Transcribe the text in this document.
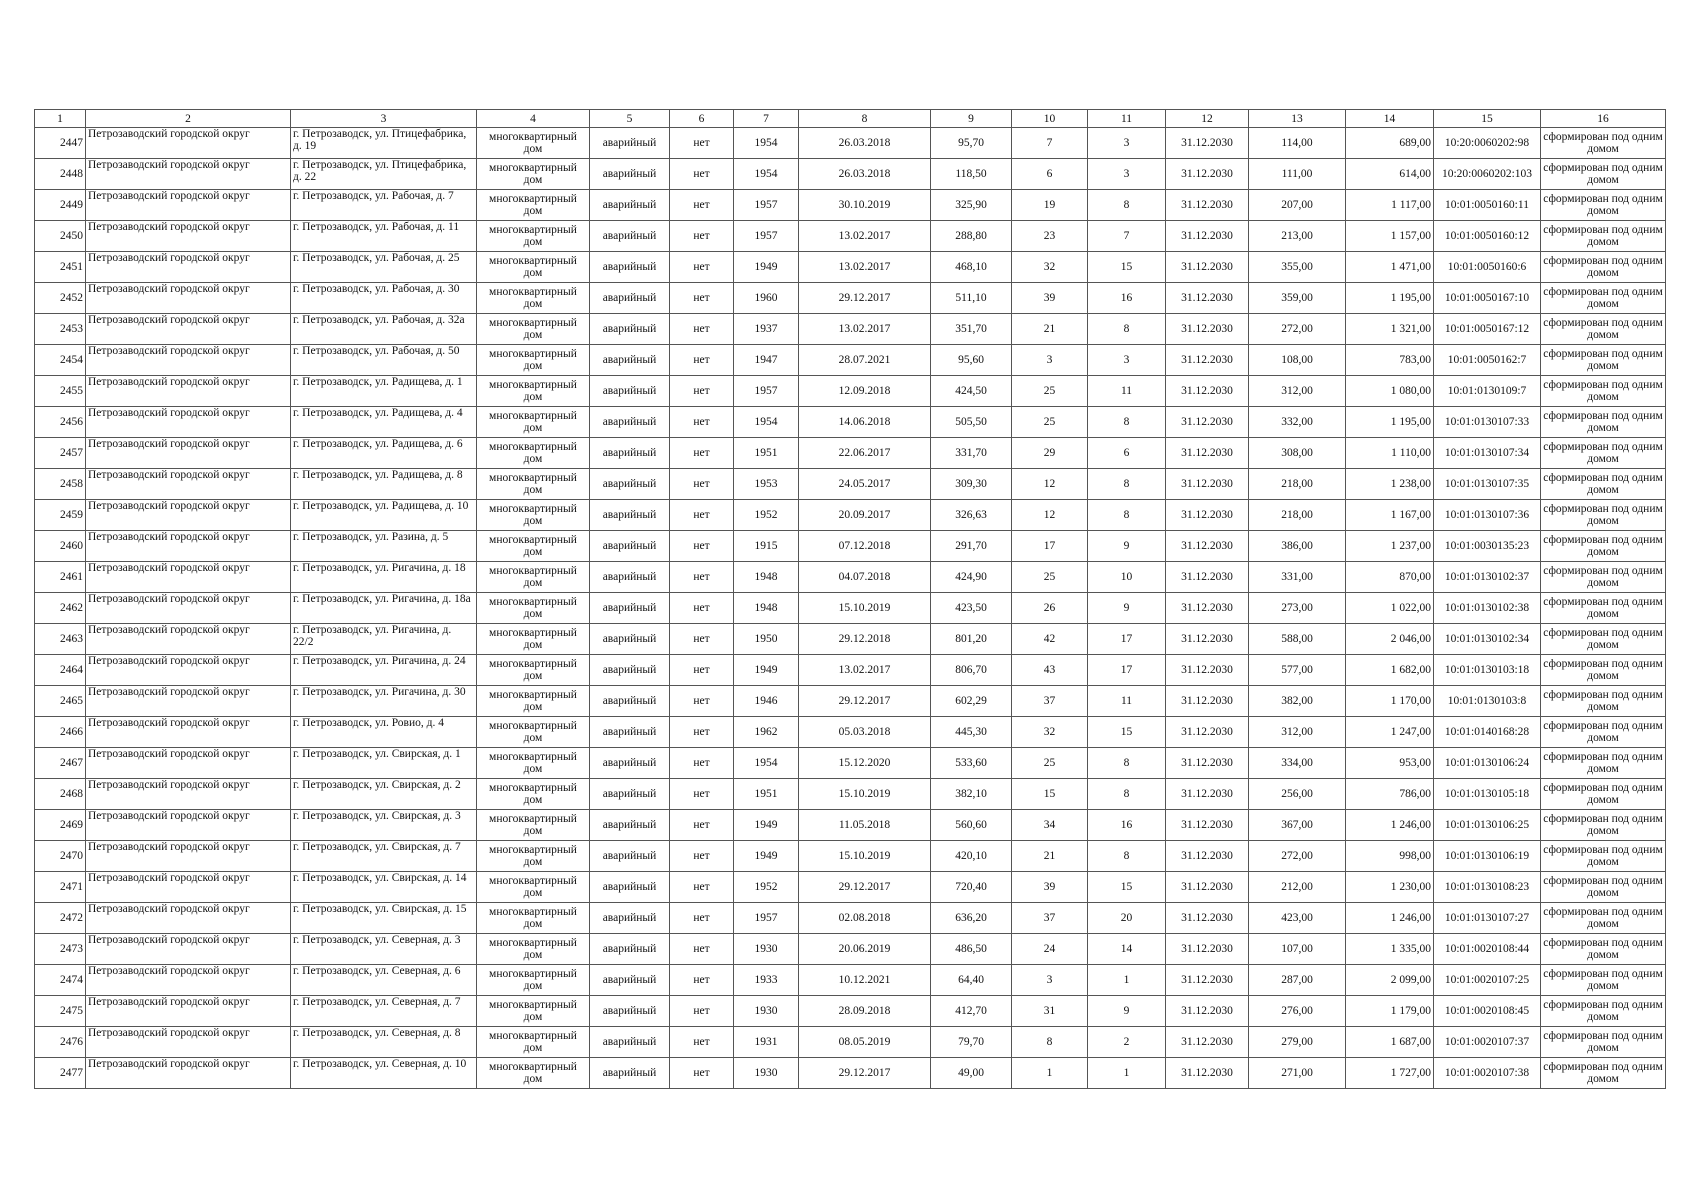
1	2	3	4	5	6	7	8	9	10	11	12	13	14	15	16
2447	Петрозаводский городской округ	г. Петрозаводск, ул. Птицефабрика, д. 19	многоквартирный дом	аварийный	нет	1954	26.03.2018	95,70	7	3	31.12.2030	114,00	689,00	10:20:0060202:98	сформирован под одним домом
2448	Петрозаводский городской округ	г. Петрозаводск, ул. Птицефабрика, д. 22	многоквартирный дом	аварийный	нет	1954	26.03.2018	118,50	6	3	31.12.2030	111,00	614,00	10:20:0060202:103	сформирован под одним домом
2449	Петрозаводский городской округ	г. Петрозаводск, ул. Рабочая, д. 7	многоквартирный дом	аварийный	нет	1957	30.10.2019	325,90	19	8	31.12.2030	207,00	1 117,00	10:01:0050160:11	сформирован под одним домом
2450	Петрозаводский городской округ	г. Петрозаводск, ул. Рабочая, д. 11	многоквартирный дом	аварийный	нет	1957	13.02.2017	288,80	23	7	31.12.2030	213,00	1 157,00	10:01:0050160:12	сформирован под одним домом
2451	Петрозаводский городской округ	г. Петрозаводск, ул. Рабочая, д. 25	многоквартирный дом	аварийный	нет	1949	13.02.2017	468,10	32	15	31.12.2030	355,00	1 471,00	10:01:0050160:6	сформирован под одним домом
2452	Петрозаводский городской округ	г. Петрозаводск, ул. Рабочая, д. 30	многоквартирный дом	аварийный	нет	1960	29.12.2017	511,10	39	16	31.12.2030	359,00	1 195,00	10:01:0050167:10	сформирован под одним домом
2453	Петрозаводский городской округ	г. Петрозаводск, ул. Рабочая, д. 32а	многоквартирный дом	аварийный	нет	1937	13.02.2017	351,70	21	8	31.12.2030	272,00	1 321,00	10:01:0050167:12	сформирован под одним домом
2454	Петрозаводский городской округ	г. Петрозаводск, ул. Рабочая, д. 50	многоквартирный дом	аварийный	нет	1947	28.07.2021	95,60	3	3	31.12.2030	108,00	783,00	10:01:0050162:7	сформирован под одним домом
2455	Петрозаводский городской округ	г. Петрозаводск, ул. Радищева, д. 1	многоквартирный дом	аварийный	нет	1957	12.09.2018	424,50	25	11	31.12.2030	312,00	1 080,00	10:01:0130109:7	сформирован под одним домом
2456	Петрозаводский городской округ	г. Петрозаводск, ул. Радищева, д. 4	многоквартирный дом	аварийный	нет	1954	14.06.2018	505,50	25	8	31.12.2030	332,00	1 195,00	10:01:0130107:33	сформирован под одним домом
2457	Петрозаводский городской округ	г. Петрозаводск, ул. Радищева, д. 6	многоквартирный дом	аварийный	нет	1951	22.06.2017	331,70	29	6	31.12.2030	308,00	1 110,00	10:01:0130107:34	сформирован под одним домом
2458	Петрозаводский городской округ	г. Петрозаводск, ул. Радищева, д. 8	многоквартирный дом	аварийный	нет	1953	24.05.2017	309,30	12	8	31.12.2030	218,00	1 238,00	10:01:0130107:35	сформирован под одним домом
2459	Петрозаводский городской округ	г. Петрозаводск, ул. Радищева, д. 10	многоквартирный дом	аварийный	нет	1952	20.09.2017	326,63	12	8	31.12.2030	218,00	1 167,00	10:01:0130107:36	сформирован под одним домом
2460	Петрозаводский городской округ	г. Петрозаводск, ул. Разина, д. 5	многоквартирный дом	аварийный	нет	1915	07.12.2018	291,70	17	9	31.12.2030	386,00	1 237,00	10:01:0030135:23	сформирован под одним домом
2461	Петрозаводский городской округ	г. Петрозаводск, ул. Ригачина, д. 18	многоквартирный дом	аварийный	нет	1948	04.07.2018	424,90	25	10	31.12.2030	331,00	870,00	10:01:0130102:37	сформирован под одним домом
2462	Петрозаводский городской округ	г. Петрозаводск, ул. Ригачина, д. 18а	многоквартирный дом	аварийный	нет	1948	15.10.2019	423,50	26	9	31.12.2030	273,00	1 022,00	10:01:0130102:38	сформирован под одним домом
2463	Петрозаводский городской округ	г. Петрозаводск, ул. Ригачина, д. 22/2	многоквартирный дом	аварийный	нет	1950	29.12.2018	801,20	42	17	31.12.2030	588,00	2 046,00	10:01:0130102:34	сформирован под одним домом
2464	Петрозаводский городской округ	г. Петрозаводск, ул. Ригачина, д. 24	многоквартирный дом	аварийный	нет	1949	13.02.2017	806,70	43	17	31.12.2030	577,00	1 682,00	10:01:0130103:18	сформирован под одним домом
2465	Петрозаводский городской округ	г. Петрозаводск, ул. Ригачина, д. 30	многоквартирный дом	аварийный	нет	1946	29.12.2017	602,29	37	11	31.12.2030	382,00	1 170,00	10:01:0130103:8	сформирован под одним домом
2466	Петрозаводский городской округ	г. Петрозаводск, ул. Ровио, д. 4	многоквартирный дом	аварийный	нет	1962	05.03.2018	445,30	32	15	31.12.2030	312,00	1 247,00	10:01:0140168:28	сформирован под одним домом
2467	Петрозаводский городской округ	г. Петрозаводск, ул. Свирская, д. 1	многоквартирный дом	аварийный	нет	1954	15.12.2020	533,60	25	8	31.12.2030	334,00	953,00	10:01:0130106:24	сформирован под одним домом
2468	Петрозаводский городской округ	г. Петрозаводск, ул. Свирская, д. 2	многоквартирный дом	аварийный	нет	1951	15.10.2019	382,10	15	8	31.12.2030	256,00	786,00	10:01:0130105:18	сформирован под одним домом
2469	Петрозаводский городской округ	г. Петрозаводск, ул. Свирская, д. 3	многоквартирный дом	аварийный	нет	1949	11.05.2018	560,60	34	16	31.12.2030	367,00	1 246,00	10:01:0130106:25	сформирован под одним домом
2470	Петрозаводский городской округ	г. Петрозаводск, ул. Свирская, д. 7	многоквартирный дом	аварийный	нет	1949	15.10.2019	420,10	21	8	31.12.2030	272,00	998,00	10:01:0130106:19	сформирован под одним домом
2471	Петрозаводский городской округ	г. Петрозаводск, ул. Свирская, д. 14	многоквартирный дом	аварийный	нет	1952	29.12.2017	720,40	39	15	31.12.2030	212,00	1 230,00	10:01:0130108:23	сформирован под одним домом
2472	Петрозаводский городской округ	г. Петрозаводск, ул. Свирская, д. 15	многоквартирный дом	аварийный	нет	1957	02.08.2018	636,20	37	20	31.12.2030	423,00	1 246,00	10:01:0130107:27	сформирован под одним домом
2473	Петрозаводский городской округ	г. Петрозаводск, ул. Северная, д. 3	многоквартирный дом	аварийный	нет	1930	20.06.2019	486,50	24	14	31.12.2030	107,00	1 335,00	10:01:0020108:44	сформирован под одним домом
2474	Петрозаводский городской округ	г. Петрозаводск, ул. Северная, д. 6	многоквартирный дом	аварийный	нет	1933	10.12.2021	64,40	3	1	31.12.2030	287,00	2 099,00	10:01:0020107:25	сформирован под одним домом
2475	Петрозаводский городской округ	г. Петрозаводск, ул. Северная, д. 7	многоквартирный дом	аварийный	нет	1930	28.09.2018	412,70	31	9	31.12.2030	276,00	1 179,00	10:01:0020108:45	сформирован под одним домом
2476	Петрозаводский городской округ	г. Петрозаводск, ул. Северная, д. 8	многоквартирный дом	аварийный	нет	1931	08.05.2019	79,70	8	2	31.12.2030	279,00	1 687,00	10:01:0020107:37	сформирован под одним домом
2477	Петрозаводский городской округ	г. Петрозаводск, ул. Северная, д. 10	многоквартирный дом	аварийный	нет	1930	29.12.2017	49,00	1	1	31.12.2030	271,00	1 727,00	10:01:0020107:38	сформирован под одним домом
